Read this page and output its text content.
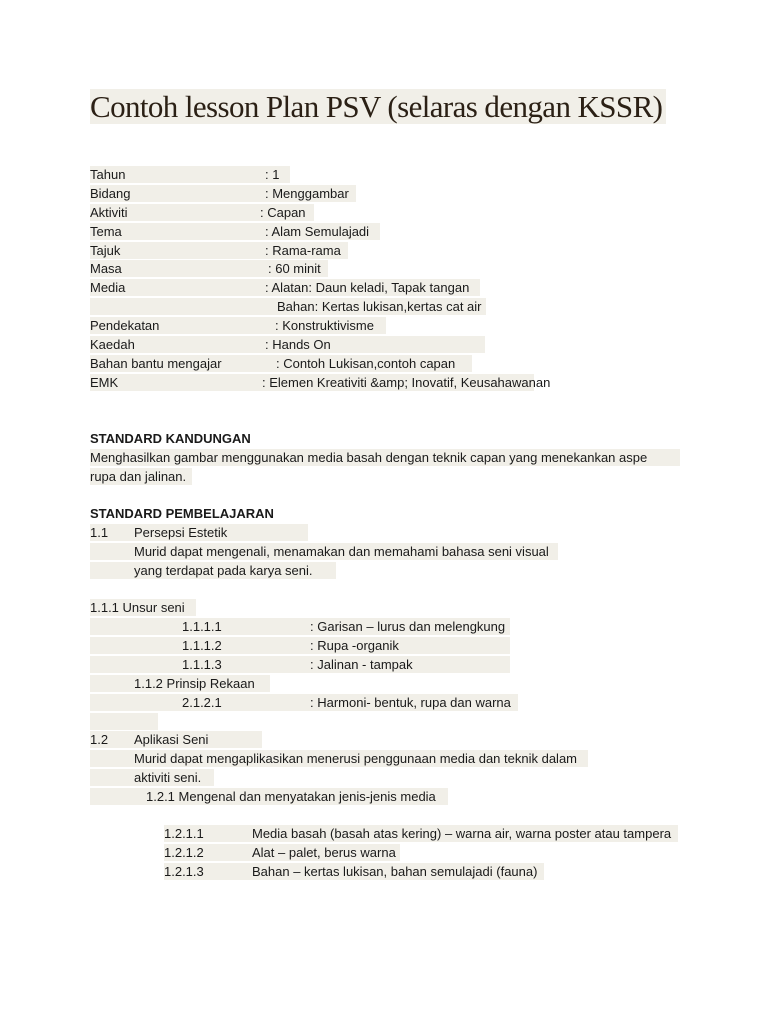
Contoh lesson Plan PSV (selaras dengan KSSR)
Tahun	: 1
Bidang	: Menggambar
Aktiviti	: Capan
Tema	: Alam Semulajadi
Tajuk	: Rama-rama
Masa	: 60 minit
Media	: Alatan: Daun keladi, Tapak tangan
Bahan: Kertas lukisan,kertas cat air
Pendekatan	: Konstruktivisme
Kaedah	: Hands On
Bahan bantu mengajar	: Contoh Lukisan,contoh capan
EMK	: Elemen Kreativiti &amp; Inovatif, Keusahawanan
STANDARD KANDUNGAN
Menghasilkan gambar menggunakan media basah dengan teknik capan yang menekankan aspe
rupa dan jalinan.
STANDARD PEMBELAJARAN
1.1 Persepsi Estetik
Murid dapat mengenali, menamakan dan memahami bahasa seni visual
yang terdapat pada karya seni.
1.1.1 Unsur seni
1.1.1.1	: Garisan – lurus dan melengkung
1.1.1.2	: Rupa -organik
1.1.1.3	: Jalinan - tampak
1.1.2 Prinsip Rekaan
2.1.2.1	: Harmoni- bentuk, rupa dan warna
1.2 Aplikasi Seni
Murid dapat mengaplikasikan menerusi penggunaan media dan teknik dalam
aktiviti seni.
1.2.1 Mengenal dan menyatakan jenis-jenis media
1.2.1.1	Media basah (basah atas kering) – warna air, warna poster atau tampera
1.2.1.2	Alat – palet, berus warna
1.2.1.3	Bahan – kertas lukisan, bahan semulajadi (fauna)
